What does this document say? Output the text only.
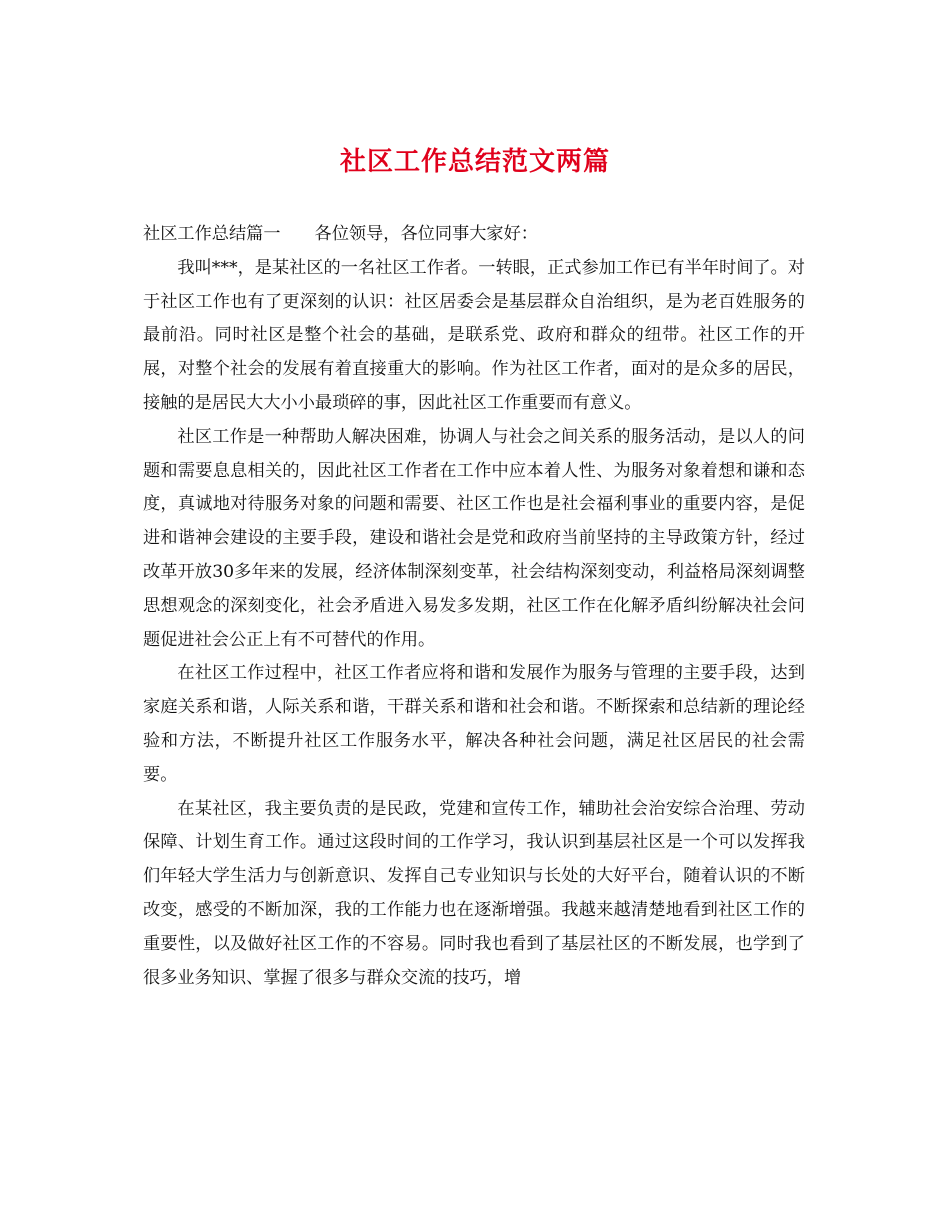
社区工作总结范文两篇

社区工作总结篇一 各位领导，各位同事大家好：

我叫***，是某社区的一名社区工作者。一转眼，正式参加工作已有半年时间了。对于社区工作也有了更深刻的认识：社区居委会是基层群众自治组织，是为老百姓服务的最前沿。同时社区是整个社会的基础，是联系党、政府和群众的纽带。社区工作的开展，对整个社会的发展有着直接重大的影响。作为社区工作者，面对的是众多的居民，接触的是居民大大小小最琐碎的事，因此社区工作重要而有意义。

社区工作是一种帮助人解决困难，协调人与社会之间关系的服务活动，是以人的问题和需要息息相关的，因此社区工作者在工作中应本着人性、为服务对象着想和谦和态度，真诚地对待服务对象的问题和需要、社区工作也是社会福利事业的重要内容，是促进和谐神会建设的主要手段，建设和谐社会是党和政府当前坚持的主导政策方针，经过改革开放30多年来的发展，经济体制深刻变革，社会结构深刻变动，利益格局深刻调整思想观念的深刻变化，社会矛盾进入易发多发期，社区工作在化解矛盾纠纷解决社会问题促进社会公正上有不可替代的作用。

在社区工作过程中，社区工作者应将和谐和发展作为服务与管理的主要手段，达到家庭关系和谐，人际关系和谐，干群关系和谐和社会和谐。不断探索和总结新的理论经验和方法，不断提升社区工作服务水平，解决各种社会问题，满足社区居民的社会需要。

在某社区，我主要负责的是民政，党建和宣传工作，辅助社会治安综合治理、劳动保障、计划生育工作。通过这段时间的工作学习，我认识到基层社区是一个可以发挥我们年轻大学生活力与创新意识、发挥自己专业知识与长处的大好平台，随着认识的不断改变，感受的不断加深，我的工作能力也在逐渐增强。我越来越清楚地看到社区工作的重要性，以及做好社区工作的不容易。同时我也看到了基层社区的不断发展，也学到了很多业务知识、掌握了很多与群众交流的技巧，增
